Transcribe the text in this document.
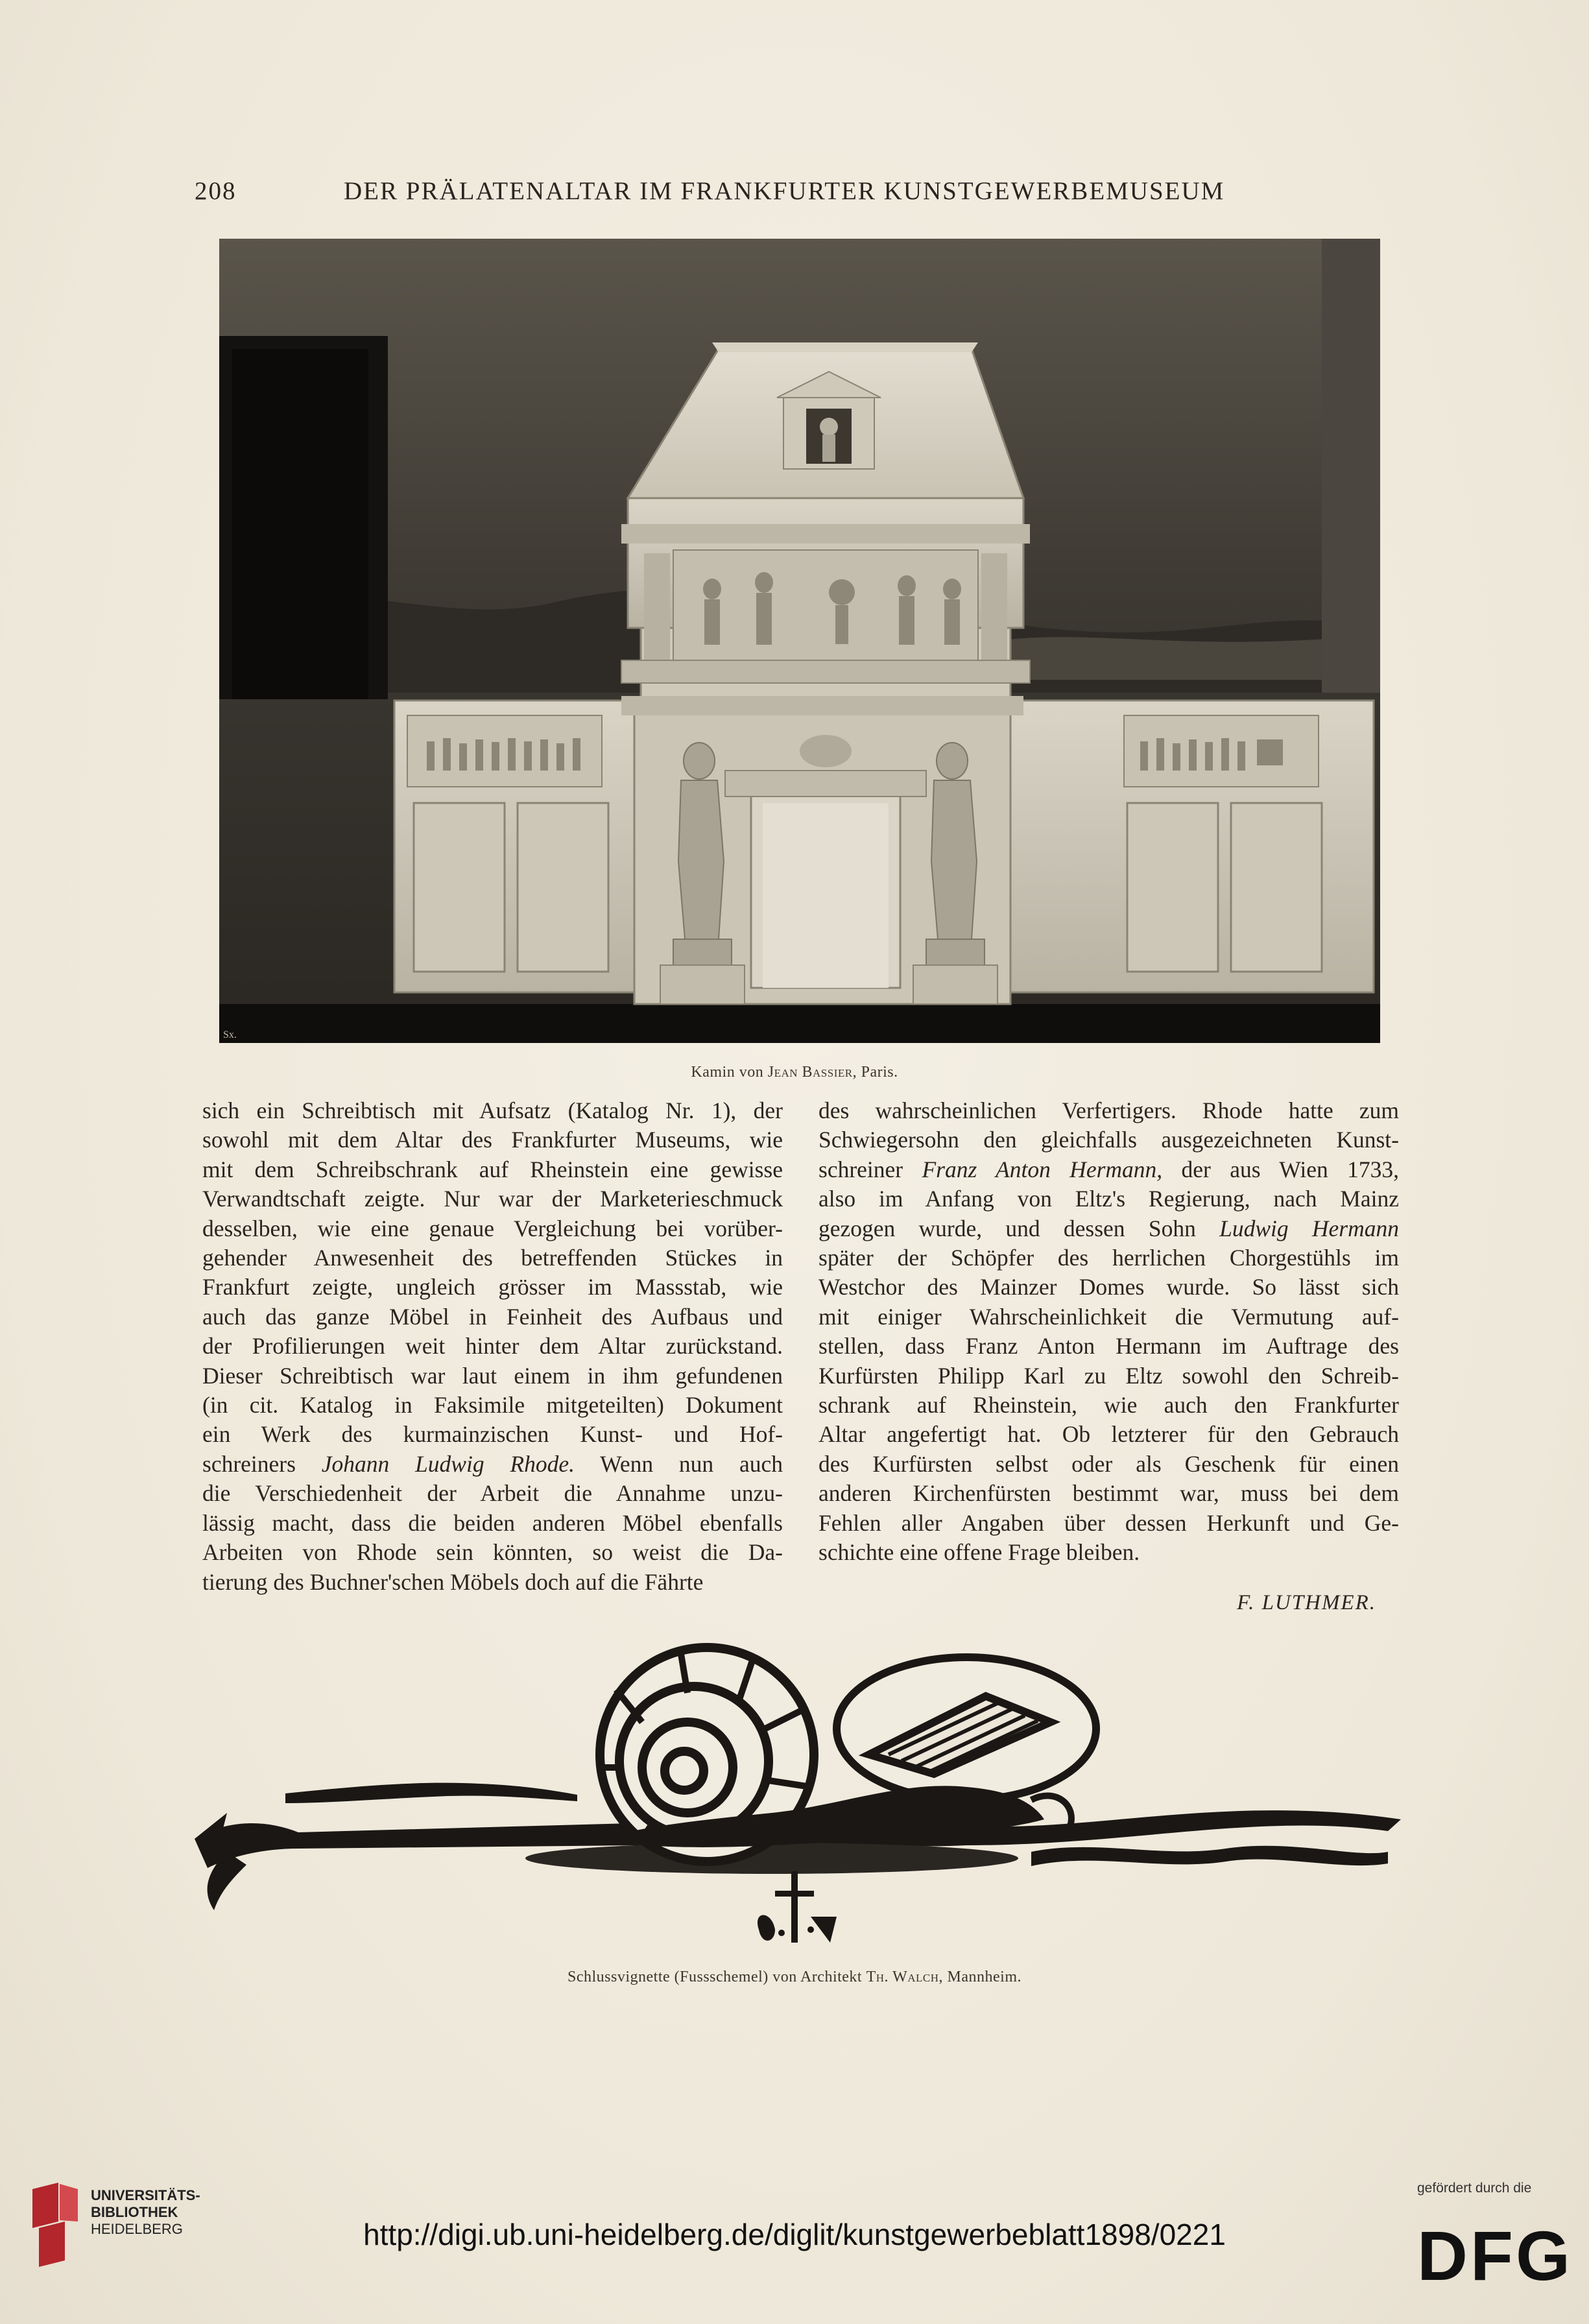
208	DER PRÄLATENALTAR IM FRANKFURTER KUNSTGEWERBEMUSEUM
Sx.
Kamin von Jean Bassier, Paris.
sich ein Schreibtisch mit Aufsatz (Katalog Nr. 1), der
sowohl mit dem Altar des Frankfurter Museums, wie
mit dem Schreibschrank auf Rheinstein eine gewisse
Verwandtschaft zeigte. Nur war der Marketerieschmuck
desselben, wie eine genaue Vergleichung bei vorüber-
gehender Anwesenheit des betreffenden Stückes in
Frankfurt zeigte, ungleich grösser im Massstab, wie
auch das ganze Möbel in Feinheit des Aufbaus und
der Profilierungen weit hinter dem Altar zurückstand.
Dieser Schreibtisch war laut einem in ihm gefundenen
(in cit. Katalog in Faksimile mitgeteilten) Dokument
ein Werk des kurmainzischen Kunst- und Hof-
schreiners Johann Ludwig Rhode. Wenn nun auch
die Verschiedenheit der Arbeit die Annahme unzu-
lässig macht, dass die beiden anderen Möbel ebenfalls
Arbeiten von Rhode sein könnten, so weist die Da-
tierung des Buchner'schen Möbels doch auf die Fährte
des wahrscheinlichen Verfertigers. Rhode hatte zum
Schwiegersohn den gleichfalls ausgezeichneten Kunst-
schreiner Franz Anton Hermann, der aus Wien 1733,
also im Anfang von Eltz's Regierung, nach Mainz
gezogen wurde, und dessen Sohn Ludwig Hermann
später der Schöpfer des herrlichen Chorgestühls im
Westchor des Mainzer Domes wurde. So lässt sich
mit einiger Wahrscheinlichkeit die Vermutung auf-
stellen, dass Franz Anton Hermann im Auftrage des
Kurfürsten Philipp Karl zu Eltz sowohl den Schreib-
schrank auf Rheinstein, wie auch den Frankfurter
Altar angefertigt hat. Ob letzterer für den Gebrauch
des Kurfürsten selbst oder als Geschenk für einen
anderen Kirchenfürsten bestimmt war, muss bei dem
Fehlen aller Angaben über dessen Herkunft und Ge-
schichte eine offene Frage bleiben.
F. LUTHMER.
Schlussvignette (Fussschemel) von Architekt Th. Walch, Mannheim.
UNIVERSITÄTS-
BIBLIOTHEK
HEIDELBERG	http://digi.ub.uni-heidelberg.de/diglit/kunstgewerbeblatt1898/0221
gefördert durch die
DFG
